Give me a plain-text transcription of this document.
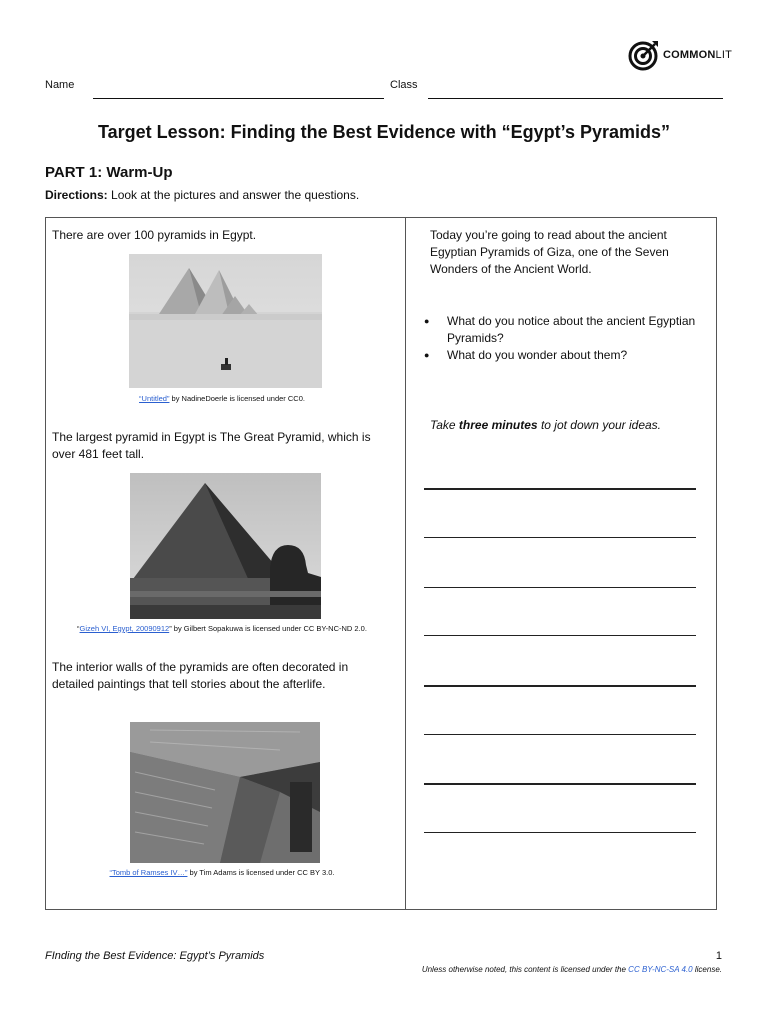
COMMONLIT
Name	Class
Target Lesson: Finding the Best Evidence with “Egypt’s Pyramids”
PART 1: Warm-Up
Directions: Look at the pictures and answer the questions.
There are over 100 pyramids in Egypt.
“Untitled” by NadineDoerle is licensed under CC0.
The largest pyramid in Egypt is The Great Pyramid, which is over 481 feet tall.
“Gizeh VI, Egypt, 20090912” by Gilbert Sopakuwa is licensed under CC BY-NC-ND 2.0.
The interior walls of the pyramids are often decorated in detailed paintings that tell stories about the afterlife.
“Tomb of Ramses IV…” by Tim Adams is licensed under CC BY 3.0.
Today you’re going to read about the ancient Egyptian Pyramids of Giza, one of the Seven Wonders of the Ancient World.
● What do you notice about the ancient Egyptian Pyramids?
● What do you wonder about them?
Take three minutes to jot down your ideas.
FInding the Best Evidence: Egypt’s Pyramids	1
Unless otherwise noted, this content is licensed under the CC BY-NC-SA 4.0 license.
